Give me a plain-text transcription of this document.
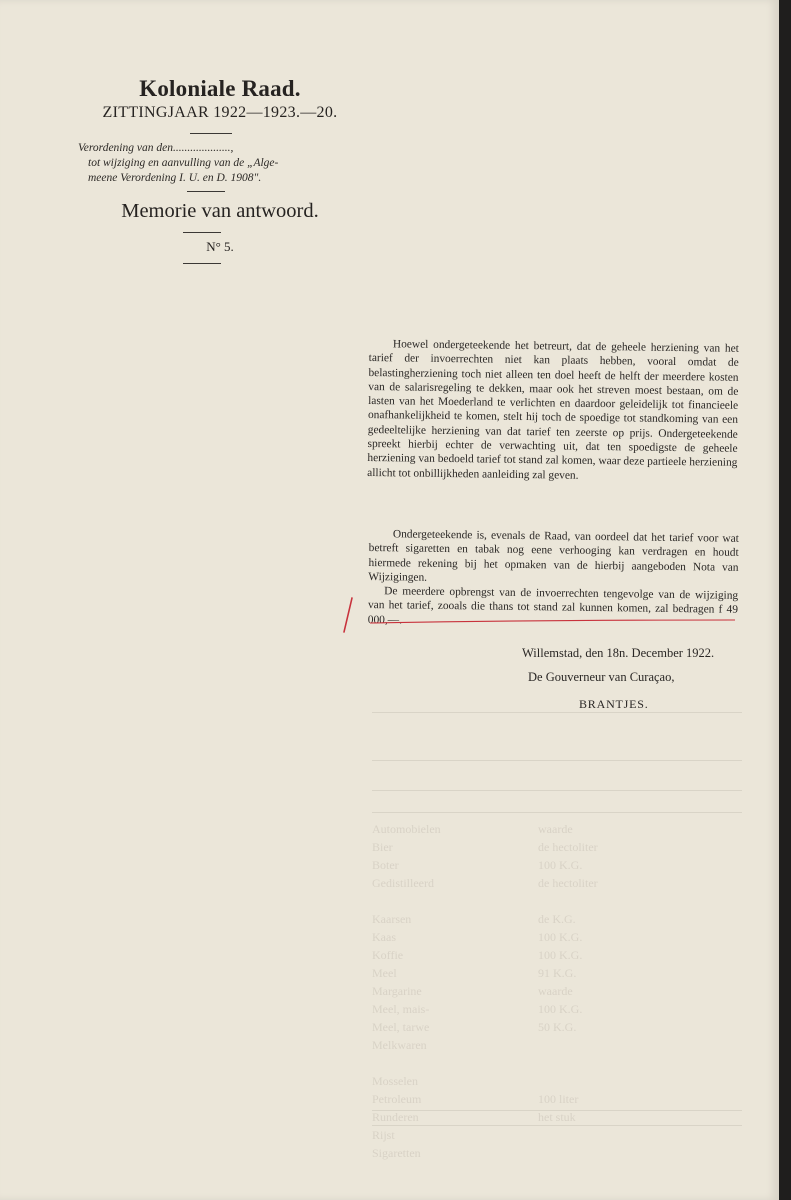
Koloniale Raad.
ZITTINGJAAR 1922—1923.—20.
Verordening van den....................,
tot wijziging en aanvulling van de „Alge-
meene Verordening I. U. en D. 1908".
Memorie van antwoord.
N° 5.
Automobielen
Bier
Boter
Gedistilleerd

Kaarsen
Kaas
Koffie
Meel
Margarine
Meel, mais-
Meel, tarwe
Melkwaren

Mosselen
Petroleum
Runderen
Rijst
Sigaretten
waarde
de hectoliter
100 K.G.
de hectoliter

de K.G.
100 K.G.
100 K.G.
91 K.G.
waarde
100 K.G.
50 K.G.

100 liter
het stuk

Hoewel ondergeteekende het betreurt, dat de geheele herziening van het tarief der invoerrechten niet kan plaats hebben, vooral omdat de belastingherziening toch niet alleen ten doel heeft de helft der meerdere kosten van de salarisregeling te dekken, maar ook het streven moest bestaan, om de lasten van het Moederland te verlichten en daardoor geleidelijk tot financieele onafhankelijkheid te komen, stelt hij toch de spoedige tot standkoming van een gedeeltelijke herziening van dat tarief ten zeerste op prijs. Ondergeteekende spreekt hierbij echter de verwachting uit, dat ten spoedigste de geheele herziening van bedoeld tarief tot stand zal komen, waar deze partieele herziening allicht tot onbillijkheden aanleiding zal geven.

Ondergeteekende is, evenals de Raad, van oordeel dat het tarief voor wat betreft sigaretten en tabak nog eene verhooging kan verdragen en houdt hiermede rekening bij het opmaken van de hierbij aangeboden Nota van Wijzigingen.

De meerdere opbrengst van de invoerrechten tengevolge van de wijziging van het tarief, zooals die thans tot stand zal kunnen komen, zal bedragen f 49 000,—.

Willemstad, den 18n. December 1922.
De Gouverneur van Curaçao,
BRANTJES.
